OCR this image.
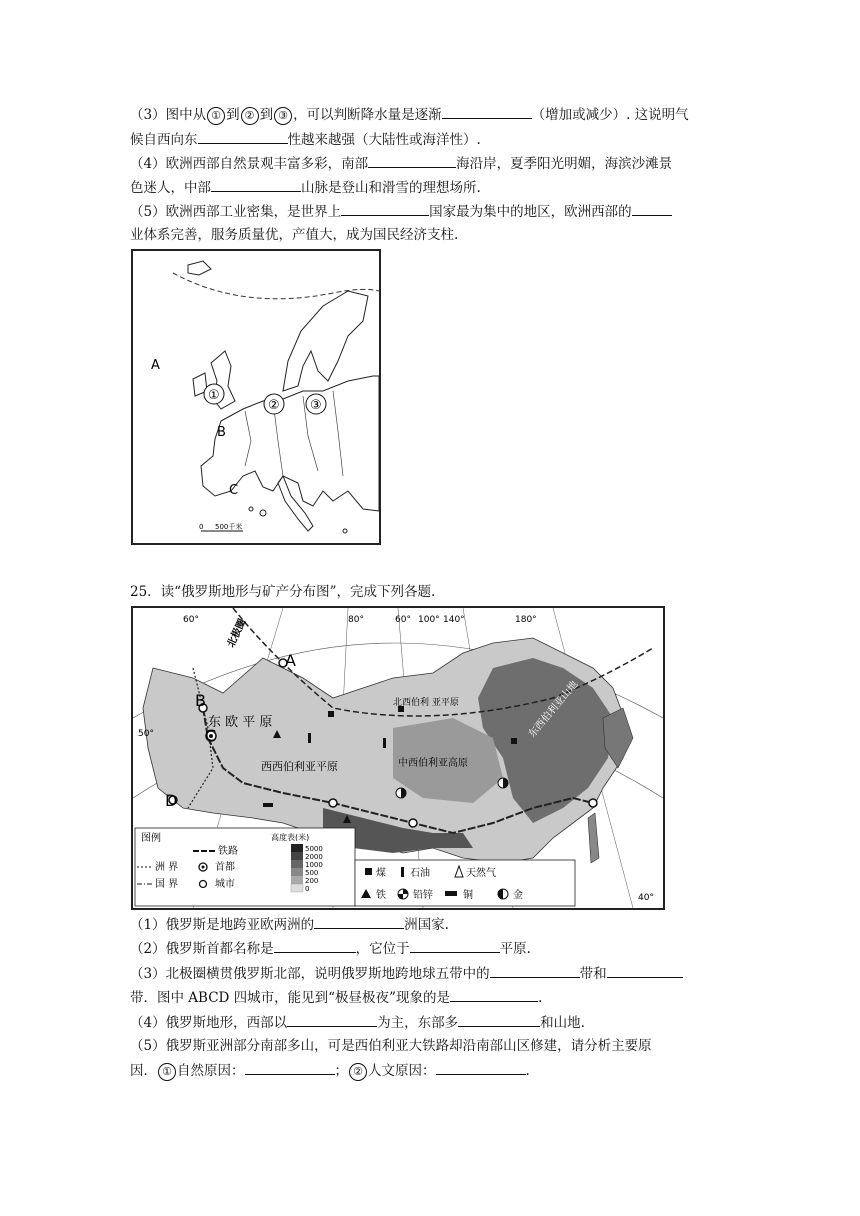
（3）图中从 ① 到 ② 到 ③ ，可以判断降水量是逐渐	（增加或减少）. 这说明气
候自西向东	性越来越强（大陆性或海洋性）.
（4）欧洲西部自然景观丰富多彩，南部	海沿岸，夏季阳光明媚，海滨沙滩景
色迷人，中部	山脉是登山和滑雪的理想场所.
（5）欧洲西部工业密集，是世界上	国家最为集中的地区，欧洲西部的
业体系完善，服务质量优，产值大，成为国民经济支柱.
A
B
C
①
② ③
0 500千米
25．读“俄罗斯地形与矿产分布图”，完成下列各题.
60°	80°	60° 100° 140°	180°
50°
40°
北极圈
A
B
C
D
东 欧 平 原
西西伯利亚平原
北西伯利 亚平原
中西伯利亚高原
东西伯利亚山地
图例
铁路
洲 界	首都
国 界	城市
高度表(米)
5000
2000
1000
500
200
0
煤 石油	天然气
铁	铅锌	铜	金
（1）俄罗斯是地跨亚欧两洲的	洲国家.
（2）俄罗斯首都名称是	，它位于	平原.
（3）北极圈横贯俄罗斯北部，说明俄罗斯地跨地球五带中的	带和
带．图中 ABCD 四城市，能见到“极昼极夜”现象的是	.
（4）俄罗斯地形，西部以	为主，东部多	和山地.
（5）俄罗斯亚洲部分南部多山，可是西伯利亚大铁路却沿南部山区修建，请分析主要原
因． ① 自然原因：	； ② 人文原因：	.
